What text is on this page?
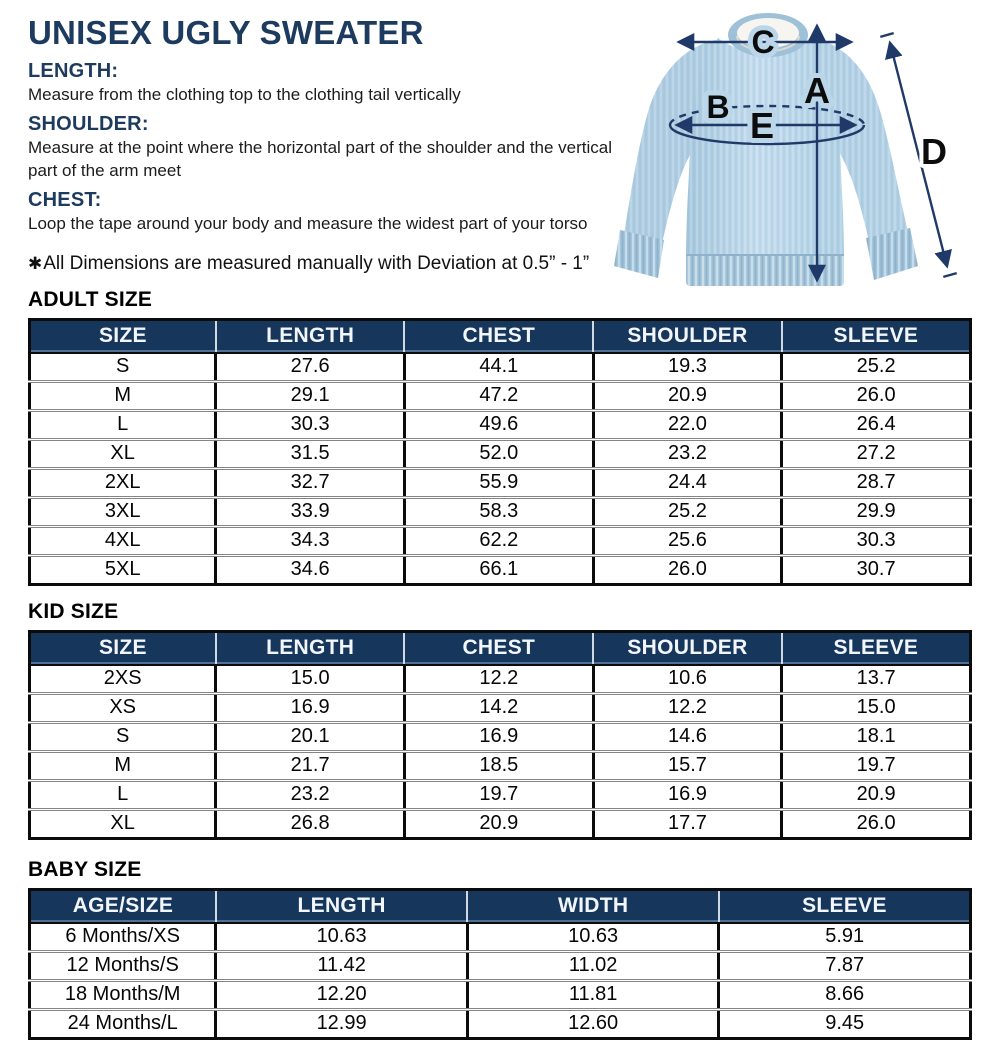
UNISEX UGLY SWEATER
LENGTH:
Measure from the clothing top to the clothing tail vertically
SHOULDER:
Measure at the point where the horizontal part of the shoulder and the vertical part of the arm meet
CHEST:
Loop the tape around your body and measure the widest part of your torso
✱All Dimensions are measured manually with Deviation at 0.5” - 1”
C
A
B E
D
ADULT SIZE
SIZE	LENGTH	CHEST	SHOULDER	SLEEVE
S	27.6	44.1	19.3	25.2
M	29.1	47.2	20.9	26.0
L	30.3	49.6	22.0	26.4
XL	31.5	52.0	23.2	27.2
2XL	32.7	55.9	24.4	28.7
3XL	33.9	58.3	25.2	29.9
4XL	34.3	62.2	25.6	30.3
5XL	34.6	66.1	26.0	30.7
KID SIZE
SIZE	LENGTH	CHEST	SHOULDER	SLEEVE
2XS	15.0	12.2	10.6	13.7
XS	16.9	14.2	12.2	15.0
S	20.1	16.9	14.6	18.1
M	21.7	18.5	15.7	19.7
L	23.2	19.7	16.9	20.9
XL	26.8	20.9	17.7	26.0
BABY SIZE
AGE/SIZE	LENGTH	WIDTH	SLEEVE
6 Months/XS	10.63	10.63	5.91
12 Months/S	11.42	11.02	7.87
18 Months/M	12.20	11.81	8.66
24 Months/L	12.99	12.60	9.45
